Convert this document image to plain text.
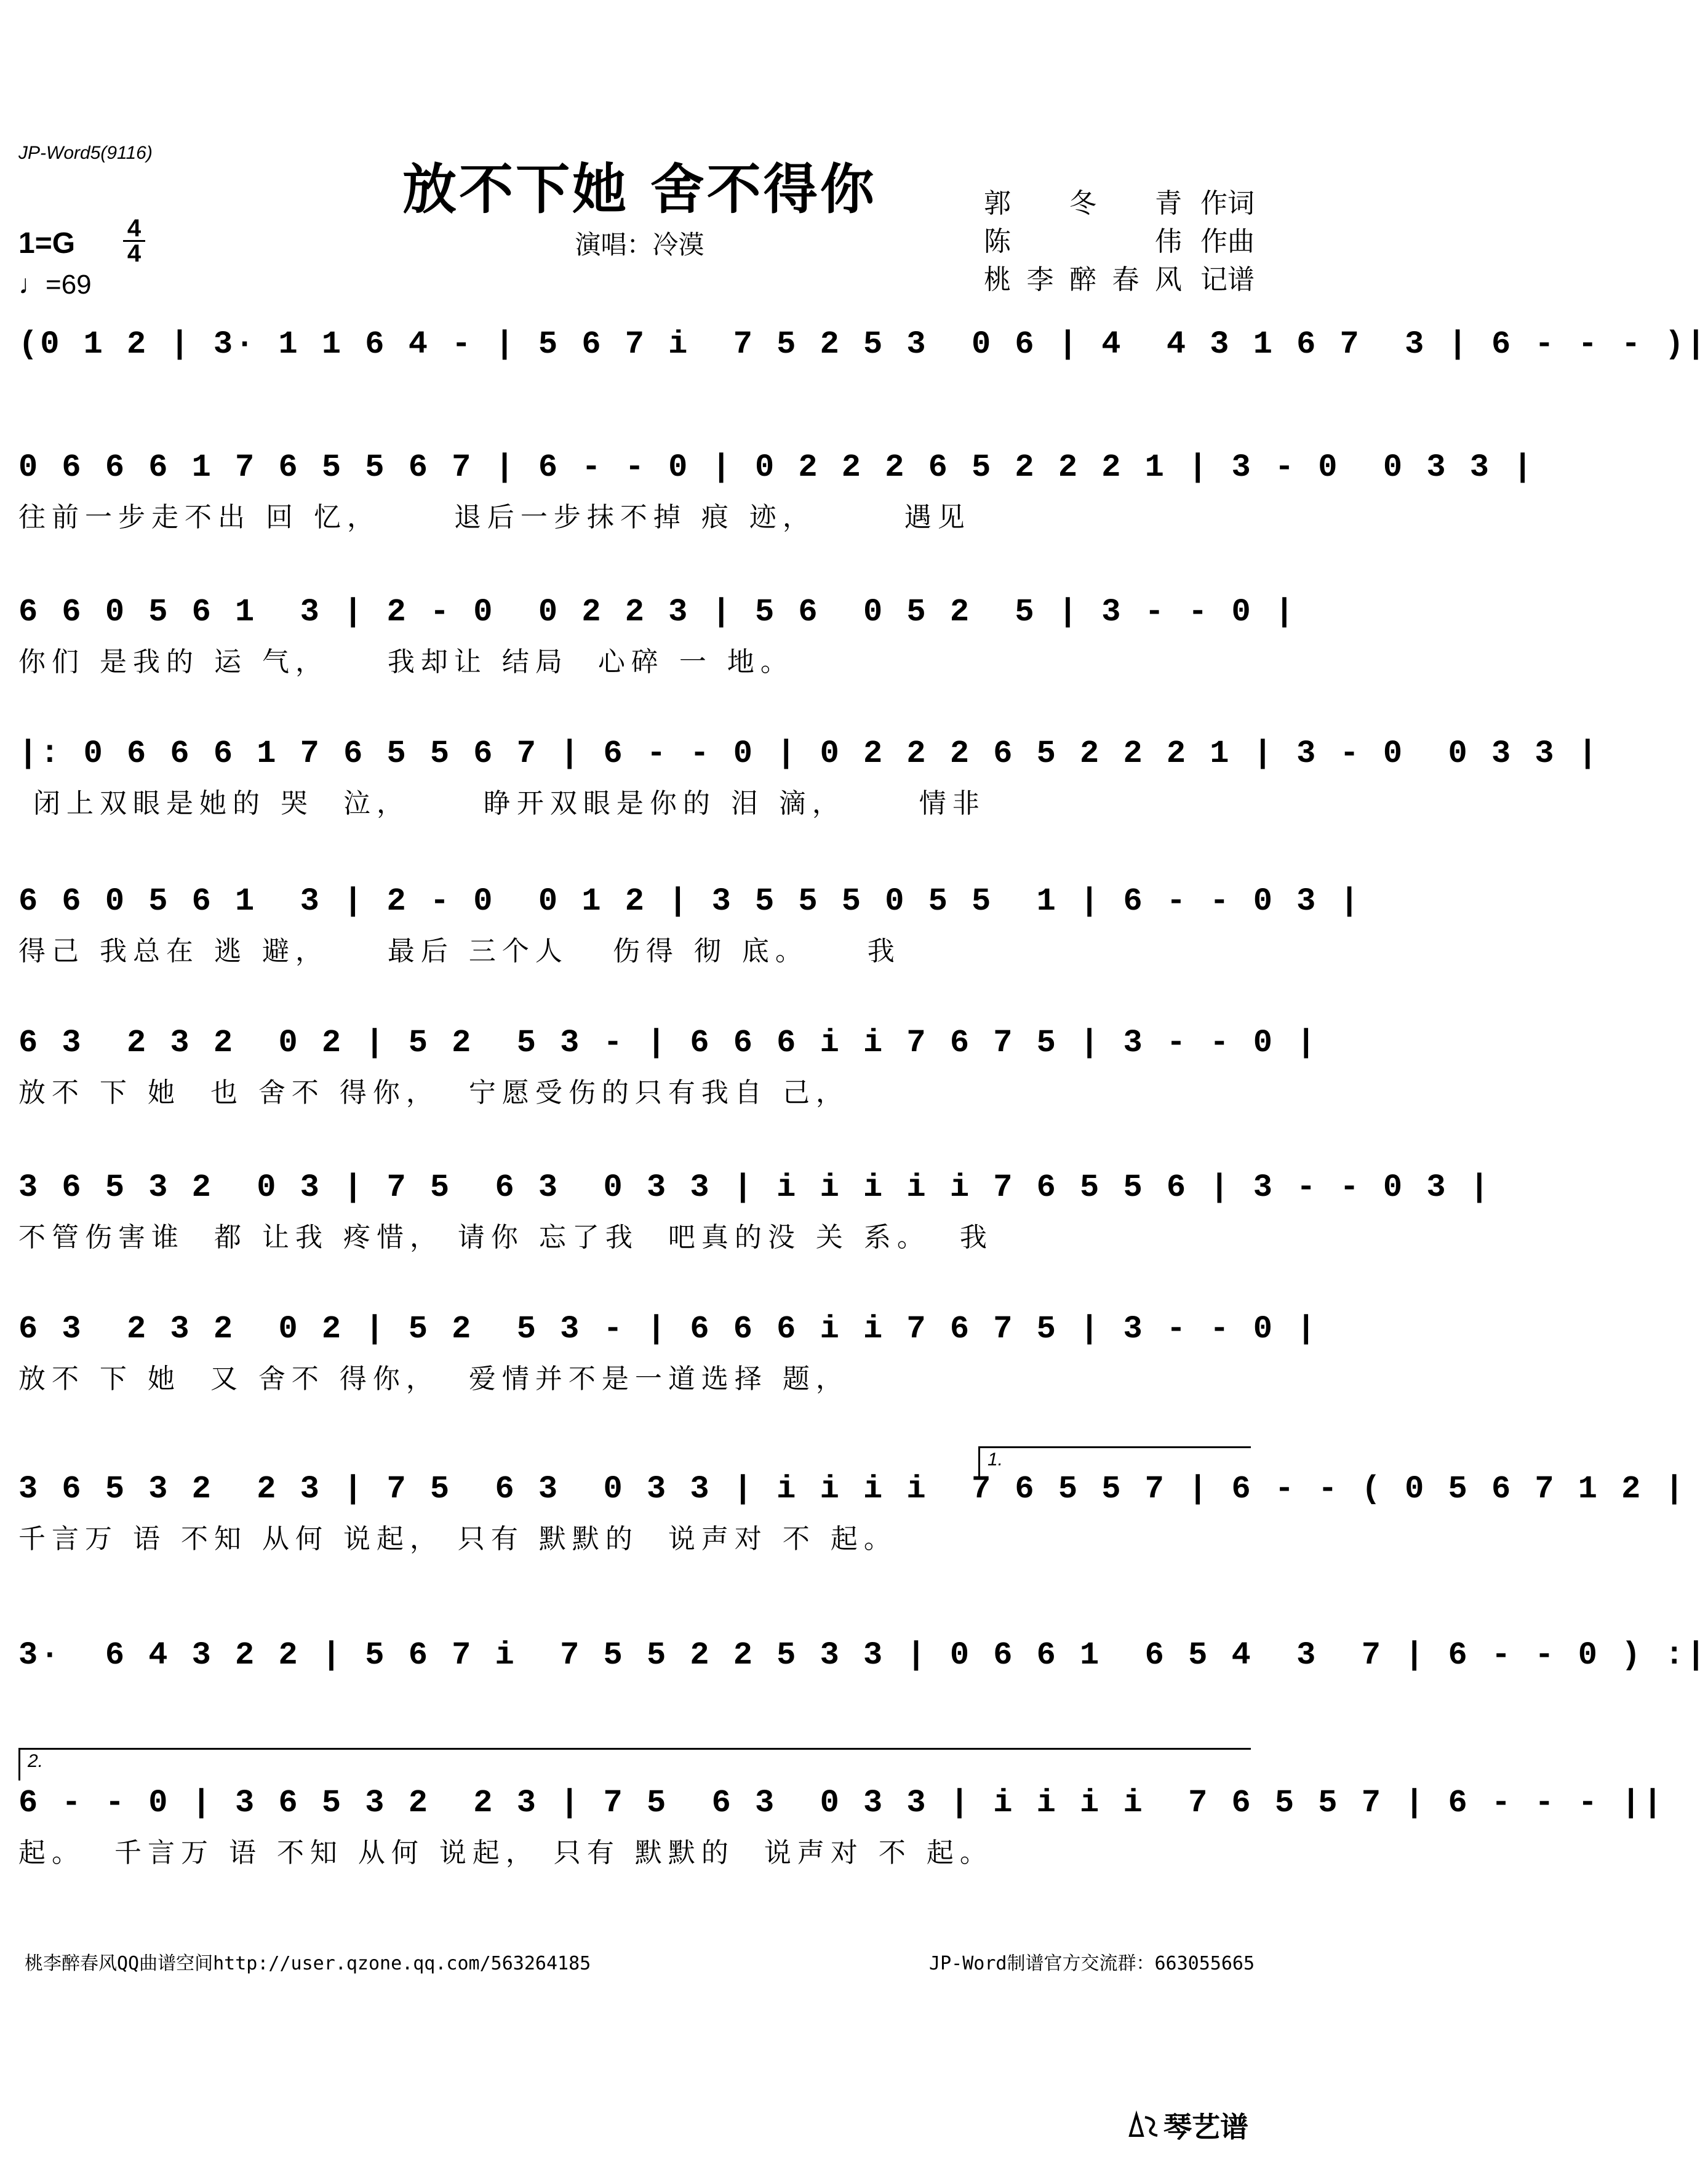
JP-Word5(9116)
放不下她 舍不得你
演唱：冷漠
郭 冬 青 作词
陈	伟 作曲
桃 李 醉 春 风 记谱
1=G 4
4
♩=69
(0 1 2 | 3· 1 1 6 4 - | 5 6 7 i  7 5 2 5 3  0 6 | 4  4 3 1 6 7  3 | 6 - - - )|
0 6 6 6 1 7 6 5 5 6 7 | 6 - - 0 | 0 2 2 2 6 5 2 2 2 1 | 3 - 0  0 3 3 |
往前一步走不出 回 忆，     退后一步抹不掉 痕 迹，      遇见
6 6 0 5 6 1  3 | 2 - 0  0 2 2 3 | 5 6  0 5 2  5 | 3 - - 0 |
你们 是我的 运 气，    我却让 结局  心碎 一 地。
|: 0 6 6 6 1 7 6 5 5 6 7 | 6 - - 0 | 0 2 2 2 6 5 2 2 2 1 | 3 - 0  0 3 3 |
闭上双眼是她的 哭  泣，     睁开双眼是你的 泪 滴，     情非
6 6 0 5 6 1  3 | 2 - 0  0 1 2 | 3 5 5 5 0 5 5  1 | 6 - - 0 3 |
得己 我总在 逃 避，    最后 三个人   伤得 彻 底。    我
6 3  2 3 2  0 2 | 5 2  5 3 - | 6 6 6 i i 7 6 7 5 | 3 - - 0 |
放不 下 她  也 舍不 得你，  宁愿受伤的只有我自 己，
3 6 5 3 2  0 3 | 7 5  6 3  0 3 3 | i i i i i 7 6 5 5 6 | 3 - - 0 3 |
不管伤害谁  都 让我 疼惜， 请你 忘了我  吧真的没 关 系。  我
6 3  2 3 2  0 2 | 5 2  5 3 - | 6 6 6 i i 7 6 7 5 | 3 - - 0 |
放不 下 她  又 舍不 得你，  爱情并不是一道选择 题，
3 6 5 3 2  2 3 | 7 5  6 3  0 3 3 | i i i i  7 6 5 5 7 | 6 - - ( 0 5 6 7 1 2 |
千言万 语 不知 从何 说起， 只有 默默的  说声对 不 起。
3·  6 4 3 2 2 | 5 6 7 i  7 5 5 2 2 5 3 3 | 0 6 6 1  6 5 4  3  7 | 6 - - 0 ) :|
6 - - 0 | 3 6 5 3 2  2 3 | 7 5  6 3  0 3 3 | i i i i  7 6 5 5 7 | 6 - - - ||
起。  千言万 语 不知 从何 说起， 只有 默默的  说声对 不 起。
1.
2.
桃李醉春风QQ曲谱空间http://user.qzone.qq.com/563264185	JP-Word制谱官方交流群：663055665
琴艺谱
